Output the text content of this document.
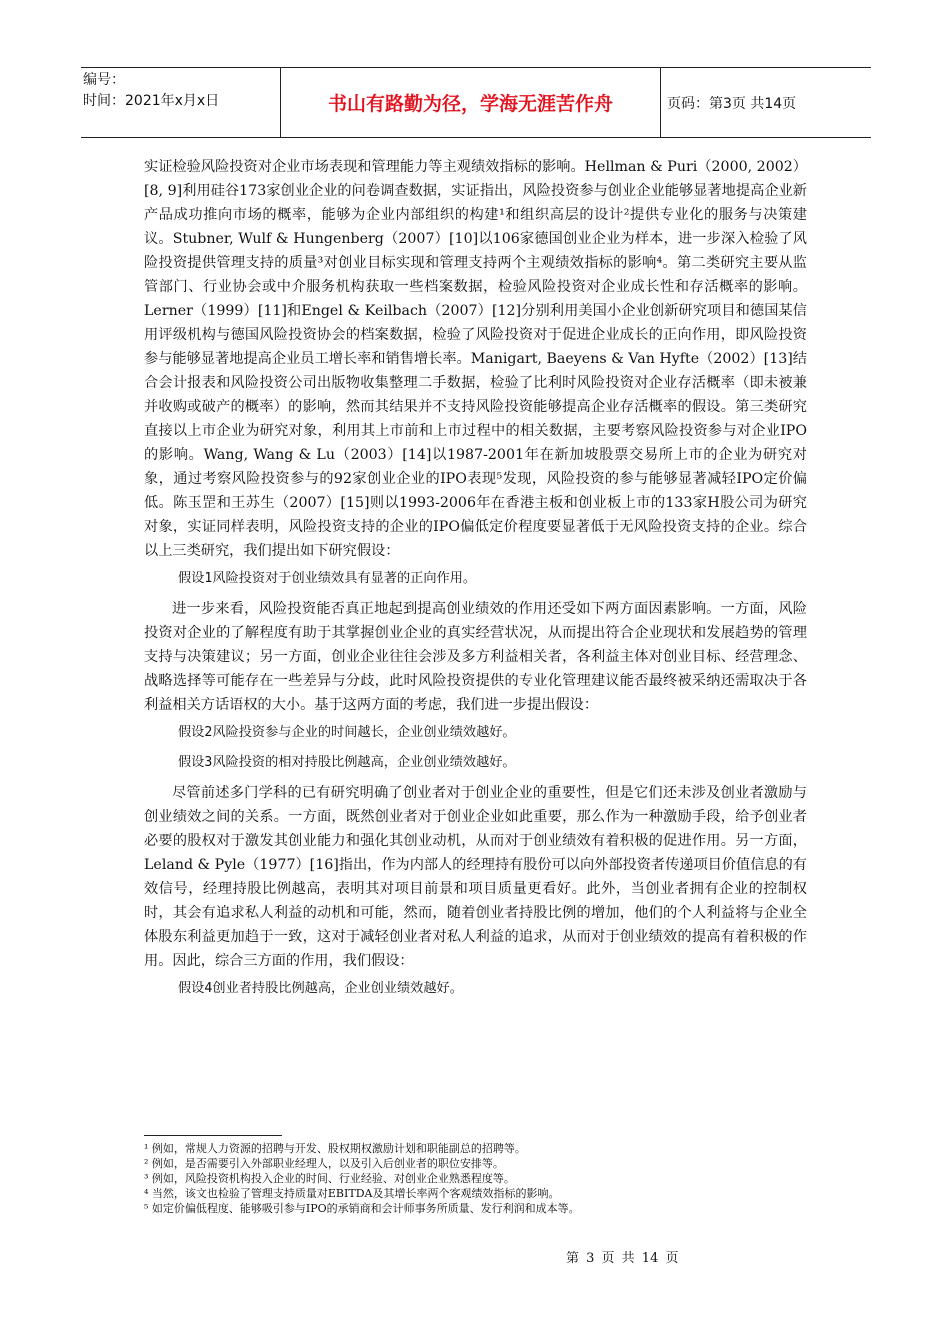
编号：
时间：2021年x月x日	书山有路勤为径，学海无涯苦作舟	页码：第3页 共14页

实证检验风险投资对企业市场表现和管理能力等主观绩效指标的影响。Hellman & Puri（2000, 2002）[8, 9]利用硅谷173家创业企业的问卷调查数据，实证指出，风险投资参与创业企业能够显著地提高企业新产品成功推向市场的概率，能够为企业内部组织的构建¹和组织高层的设计²提供专业化的服务与决策建议。Stubner, Wulf & Hungenberg（2007）[10]以106家德国创业企业为样本，进一步深入检验了风险投资提供管理支持的质量³对创业目标实现和管理支持两个主观绩效指标的影响⁴。第二类研究主要从监管部门、行业协会或中介服务机构获取一些档案数据，检验风险投资对企业成长性和存活概率的影响。Lerner（1999）[11]和Engel & Keilbach（2007）[12]分别利用美国小企业创新研究项目和德国某信用评级机构与德国风险投资协会的档案数据，检验了风险投资对于促进企业成长的正向作用，即风险投资参与能够显著地提高企业员工增长率和销售增长率。Manigart, Baeyens & Van Hyfte（2002）[13]结合会计报表和风险投资公司出版物收集整理二手数据，检验了比利时风险投资对企业存活概率（即未被兼并收购或破产的概率）的影响，然而其结果并不支持风险投资能够提高企业存活概率的假设。第三类研究直接以上市企业为研究对象，利用其上市前和上市过程中的相关数据，主要考察风险投资参与对企业IPO的影响。Wang, Wang & Lu（2003）[14]以1987-2001年在新加坡股票交易所上市的企业为研究对象，通过考察风险投资参与的92家创业企业的IPO表现⁵发现，风险投资的参与能够显著减轻IPO定价偏低。陈玉罡和王苏生（2007）[15]则以1993-2006年在香港主板和创业板上市的133家H股公司为研究对象，实证同样表明，风险投资支持的企业的IPO偏低定价程度要显著低于无风险投资支持的企业。综合以上三类研究，我们提出如下研究假设：

假设1风险投资对于创业绩效具有显著的正向作用。

进一步来看，风险投资能否真正地起到提高创业绩效的作用还受如下两方面因素影响。一方面，风险投资对企业的了解程度有助于其掌握创业企业的真实经营状况，从而提出符合企业现状和发展趋势的管理支持与决策建议；另一方面，创业企业往往会涉及多方利益相关者，各利益主体对创业目标、经营理念、战略选择等可能存在一些差异与分歧，此时风险投资提供的专业化管理建议能否最终被采纳还需取决于各利益相关方话语权的大小。基于这两方面的考虑，我们进一步提出假设：

假设2风险投资参与企业的时间越长，企业创业绩效越好。

假设3风险投资的相对持股比例越高，企业创业绩效越好。

尽管前述多门学科的已有研究明确了创业者对于创业企业的重要性，但是它们还未涉及创业者激励与创业绩效之间的关系。一方面，既然创业者对于创业企业如此重要，那么作为一种激励手段，给予创业者必要的股权对于激发其创业能力和强化其创业动机，从而对于创业绩效有着积极的促进作用。另一方面，Leland & Pyle（1977）[16]指出，作为内部人的经理持有股份可以向外部投资者传递项目价值信息的有效信号，经理持股比例越高，表明其对项目前景和项目质量更看好。此外，当创业者拥有企业的控制权时，其会有追求私人利益的动机和可能，然而，随着创业者持股比例的增加，他们的个人利益将与企业全体股东利益更加趋于一致，这对于减轻创业者对私人利益的追求，从而对于创业绩效的提高有着积极的作用。因此，综合三方面的作用，我们假设：

假设4创业者持股比例越高，企业创业绩效越好。

¹ 例如，常规人力资源的招聘与开发、股权期权激励计划和职能副总的招聘等。

² 例如，是否需要引入外部职业经理人，以及引入后创业者的职位安排等。

³ 例如，风险投资机构投入企业的时间、行业经验、对创业企业熟悉程度等。

⁴ 当然，该文也检验了管理支持质量对EBITDA及其增长率两个客观绩效指标的影响。

⁵ 如定价偏低程度、能够吸引参与IPO的承销商和会计师事务所质量、发行利润和成本等。

第 3 页 共 14 页
